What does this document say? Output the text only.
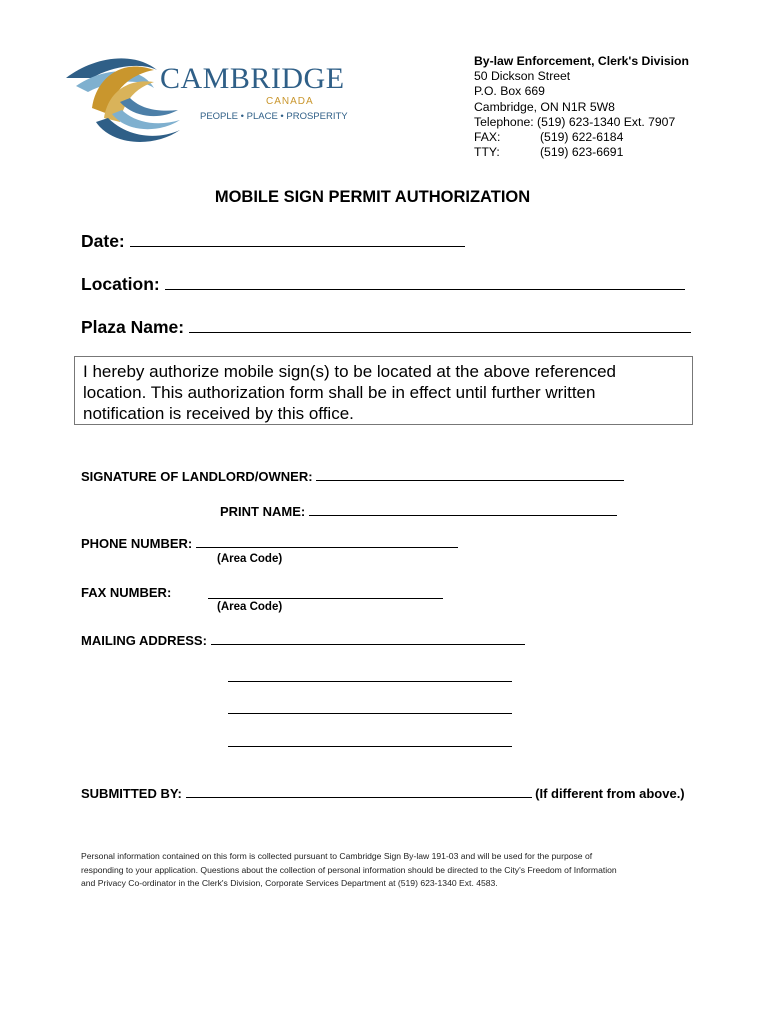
CAMBRIDGE
CANADA
PEOPLE • PLACE • PROSPERITY
By-law Enforcement, Clerk's Division
50 Dickson Street
P.O. Box 669
Cambridge, ON N1R 5W8
Telephone: (519) 623-1340 Ext. 7907
FAX:	(519) 622-6184
TTY:	(519) 623-6691
MOBILE SIGN PERMIT AUTHORIZATION
Date:
Location:
Plaza Name:
I hereby authorize mobile sign(s) to be located at the above referenced
location. This authorization form shall be in effect until further written
notification is received by this office.
SIGNATURE OF LANDLORD/OWNER:
PRINT NAME:
PHONE NUMBER:
(Area Code)
FAX NUMBER:
(Area Code)
MAILING ADDRESS:
SUBMITTED BY:	(If different from above.)
Personal information contained on this form is collected pursuant to Cambridge Sign By-law 191-03 and will be used for the purpose of
responding to your application. Questions about the collection of personal information should be directed to the City's Freedom of Information
and Privacy Co-ordinator in the Clerk's Division, Corporate Services Department at (519) 623-1340 Ext. 4583.
